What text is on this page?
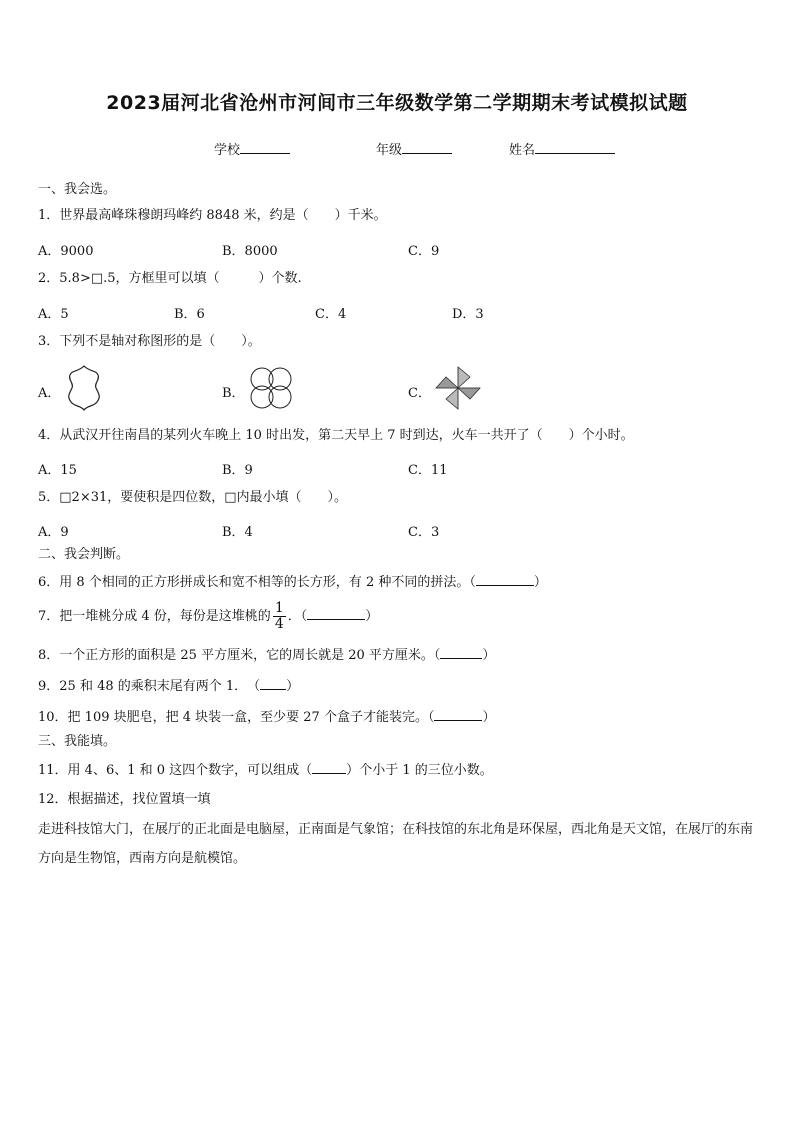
2023届河北省沧州市河间市三年级数学第二学期期末考试模拟试题
学校	年级	姓名
一、我会选。
1．世界最高峰珠穆朗玛峰约 8848 米，约是（　　）千米。
A．9000	B．8000	C．9
2．5.8>□.5，方框里可以填（　　　）个数.
A．5	B．6	C．4	D．3
3．下列不是轴对称图形的是（　　）。
A．	B．	C．
4．从武汉开往南昌的某列火车晚上 10 时出发，第二天早上 7 时到达，火车一共开了（　　）个小时。
A．15	B．9	C．11
5．□2×31，要使积是四位数，□内最小填（　　）。
A．9	B．4	C．3
二、我会判断。
6．用 8 个相同的正方形拼成长和宽不相等的长方形，有 2 种不同的拼法。（	）
7．把一堆桃分成 4 份，每份是这堆桃的 $\frac{1}{4}$ ．（	）
8．一个正方形的面积是 25 平方厘米，它的周长就是 20 平方厘米。（	）
9．25 和 48 的乘积末尾有两个 1．　（ ）
10．把 109 块肥皂，把 4 块装一盒，至少要 27 个盒子才能装完。（	）
三、我能填。
11．用 4、6、1 和 0 这四个数字，可以组成（	）个小于 1 的三位小数。
12．根据描述，找位置填一填
走进科技馆大门，在展厅的正北面是电脑屋，正南面是气象馆；在科技馆的东北角是环保屋，西北角是天文馆，在展厅的东南方向是生物馆，西南方向是航模馆。
